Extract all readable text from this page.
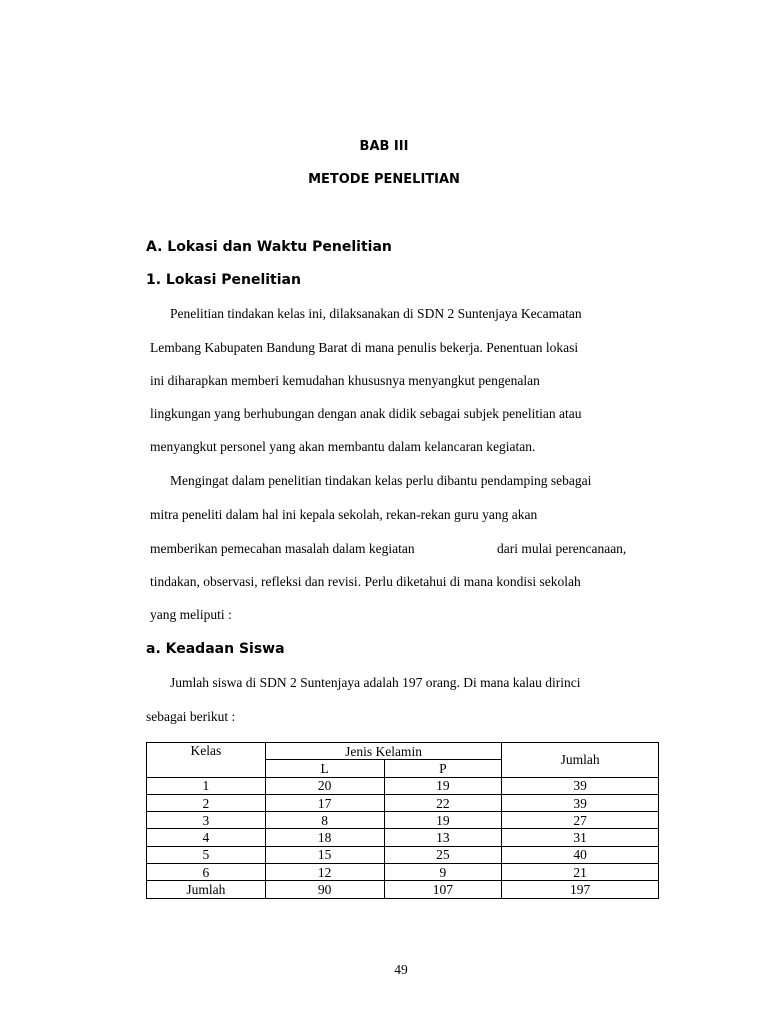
BAB III
METODE PENELITIAN
A. Lokasi dan Waktu Penelitian
1. Lokasi Penelitian
Penelitian tindakan kelas ini, dilaksanakan di SDN 2 Suntenjaya Kecamatan
Lembang Kabupaten Bandung Barat di mana penulis bekerja. Penentuan lokasi
ini diharapkan memberi kemudahan khususnya menyangkut pengenalan
lingkungan yang berhubungan dengan anak didik sebagai subjek penelitian atau
menyangkut personel yang akan membantu dalam kelancaran kegiatan.
Mengingat dalam penelitian tindakan kelas perlu dibantu pendamping sebagai
mitra peneliti dalam hal ini kepala sekolah, rekan-rekan guru yang akan
memberikan pemecahan masalah dalam kegiatan	dari mulai perencanaan,
tindakan, observasi, refleksi dan revisi. Perlu diketahui di mana kondisi sekolah
yang meliputi :
a. Keadaan Siswa
Jumlah siswa di SDN 2 Suntenjaya adalah 197 orang. Di mana kalau dirinci
sebagai berikut :
Kelas	Jenis Kelamin		Jumlah
	L	P	
1	20	19	39
2	17	22	39
3	8	19	27
4	18	13	31
5	15	25	40
6	12	9	21
Jumlah	90	107	197
49
